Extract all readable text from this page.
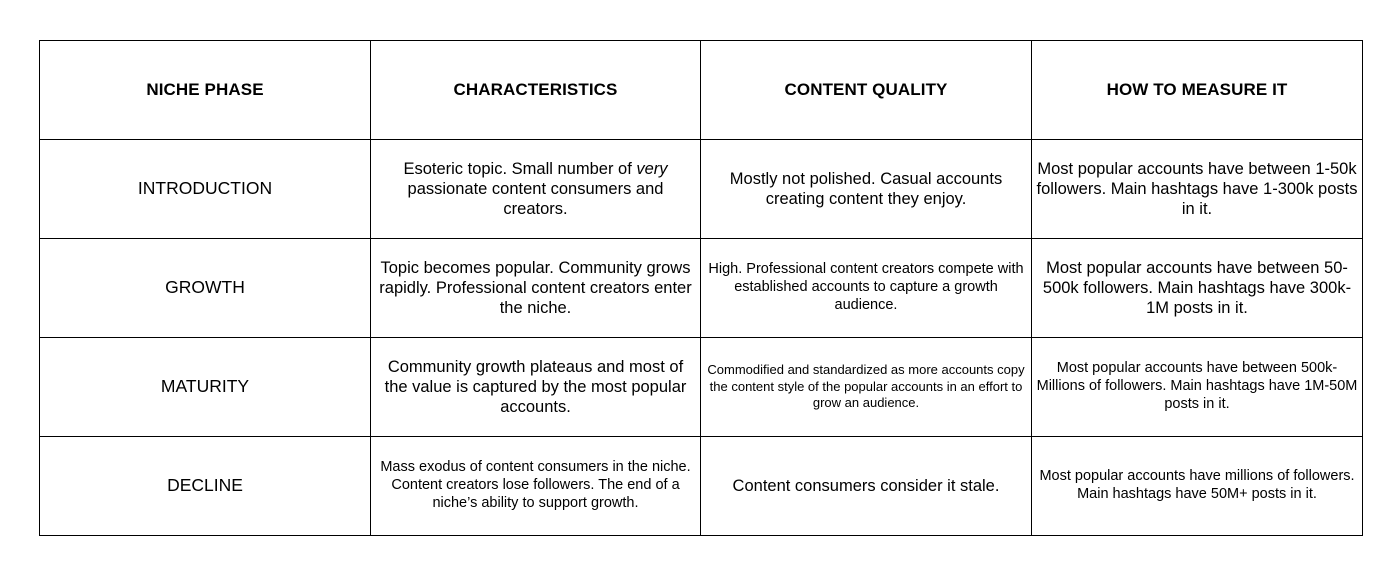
NICHE PHASE	CHARACTERISTICS	CONTENT QUALITY	HOW TO MEASURE IT
INTRODUCTION	Esoteric topic. Small number of very passionate content consumers and creators.	Mostly not polished. Casual accounts creating content they enjoy.	Most popular accounts have between 1-50k followers. Main hashtags have 1-300k posts in it.
GROWTH	Topic becomes popular. Community grows rapidly. Professional content creators enter the niche.	High. Professional content creators compete with established accounts to capture a growth audience.	Most popular accounts have between 50-500k followers. Main hashtags have 300k-1M posts in it.
MATURITY	Community growth plateaus and most of the value is captured by the most popular accounts.	Commodified and standardized as more accounts copy the content style of the popular accounts in an effort to grow an audience.	Most popular accounts have between 500k-Millions of followers. Main hashtags have 1M-50M posts in it.
DECLINE	Mass exodus of content consumers in the niche. Content creators lose followers. The end of a niche’s ability to support growth.	Content consumers consider it stale.	Most popular accounts have millions of followers. Main hashtags have 50M+ posts in it.
